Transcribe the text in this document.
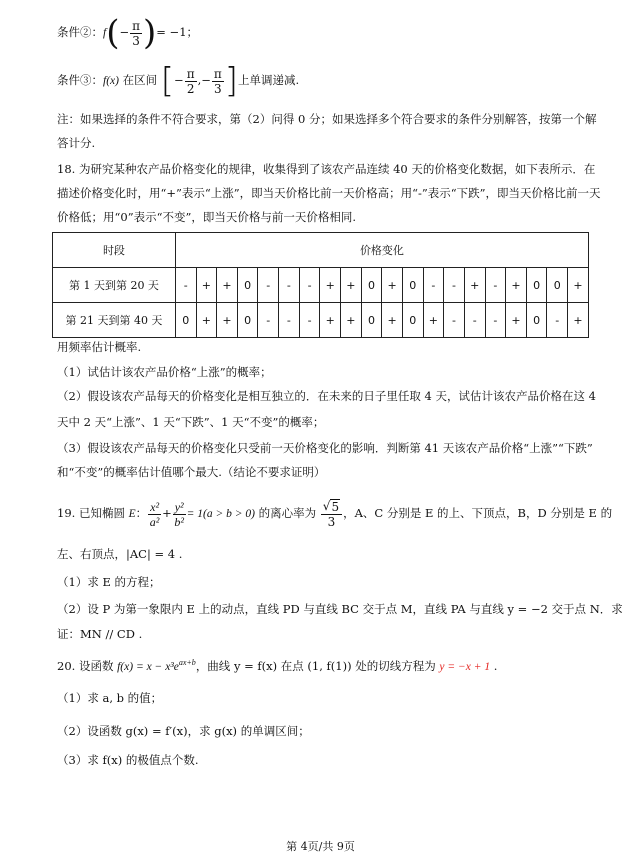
条件②：$f(- \frac{\pi}{3}$ )= −1；
条件③：f(x) 在区间 [− $\frac{\pi}{2}$ ,− $\frac{\pi}{3}$ ]上单调递减.
注：如果选择的条件不符合要求，第（2）问得 0 分；如果选择多个符合要求的条件分别解答，按第一个解
答计分.
18. 为研究某种农产品价格变化的规律，收集得到了该农产品连续 40 天的价格变化数据，如下表所示．在
描述价格变化时，用“+”表示“上涨”，即当天价格比前一天价格高；用“-”表示“下跌”，即当天价格比前一天
价格低；用“0”表示“不变”，即当天价格与前一天价格相同.
时段	价格变化																			
第 1 天到第 20 天	-	+	+	0	-	-	-	+	+	0	+	0	-	-	+	-	+	0	0	+
第 21 天到第 40 天	0	+	+	0	-	-	-	+	+	0	+	0	+	-	-	-	+	0	-	+
用频率估计概率.
（1）试估计该农产品价格“上涨”的概率；
（2）假设该农产品每天的价格变化是相互独立的．在未来的日子里任取 4 天，试估计该农产品价格在这 4
天中 2 天“上涨”、1 天“下跌”、1 天“不变”的概率；
（3）假设该农产品每天的价格变化只受前一天价格变化的影响．判断第 41 天该农产品价格“上涨”“下跌”
和“不变”的概率估计值哪个最大.（结论不要求证明）
19. 已知椭圆 E： $\frac{\text{x²}}{\text{a²}} + \frac{\text{y²}}{\text{b²}} = 1(a > b > 0)$ 的离心率为 $\frac{√ 5}{3}$ ，A、C 分别是 E 的上、下顶点，B，D 分别是 E 的
左、右顶点，|AC| = 4 .
（1）求 E 的方程；
（2）设 P 为第一象限内 E 上的动点，直线 PD 与直线 BC 交于点 M，直线 PA 与直线 y = −2 交于点 N．求
证：MN // CD .
20. 设函数 $f(x) = x - x^3e^{ax+b}$，曲线 y = f(x) 在点 (1, f(1)) 处的切线方程为 y = −x + 1 .
（1）求 a, b 的值；
（2）设函数 g(x) = f′(x)，求 g(x) 的单调区间；
（3）求 f(x) 的极值点个数.
第 4页/共 9页
